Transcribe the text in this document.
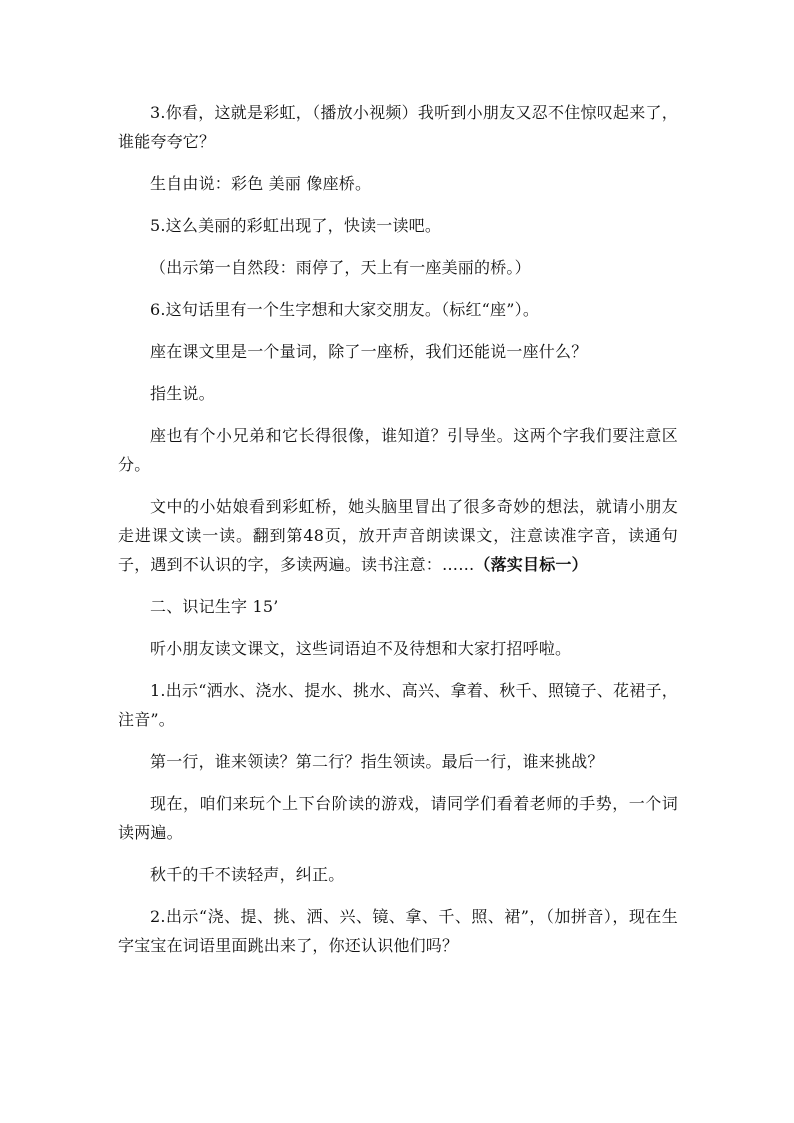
3.你看，这就是彩虹，（播放小视频）我听到小朋友又忍不住惊叹起来了，谁能夸夸它？

生自由说：彩色 美丽 像座桥。

5.这么美丽的彩虹出现了，快读一读吧。

（出示第一自然段：雨停了，天上有一座美丽的桥。）

6.这句话里有一个生字想和大家交朋友。（标红“座”）。

座在课文里是一个量词，除了一座桥，我们还能说一座什么？

指生说。

座也有个小兄弟和它长得很像，谁知道？引导坐。这两个字我们要注意区分。

文中的小姑娘看到彩虹桥，她头脑里冒出了很多奇妙的想法，就请小朋友走进课文读一读。翻到第48页，放开声音朗读课文，注意读准字音，读通句子，遇到不认识的字，多读两遍。读书注意：……（落实目标一）

二、识记生字 15’

听小朋友读文课文，这些词语迫不及待想和大家打招呼啦。

1.出示“洒水、浇水、提水、挑水、高兴、拿着、秋千、照镜子、花裙子，注音”。

第一行，谁来领读？第二行？指生领读。最后一行，谁来挑战？

现在，咱们来玩个上下台阶读的游戏，请同学们看着老师的手势，一个词读两遍。

秋千的千不读轻声，纠正。

2.出示“浇、提、挑、洒、兴、镜、拿、千、照、裙”，（加拼音），现在生字宝宝在词语里面跳出来了，你还认识他们吗？
